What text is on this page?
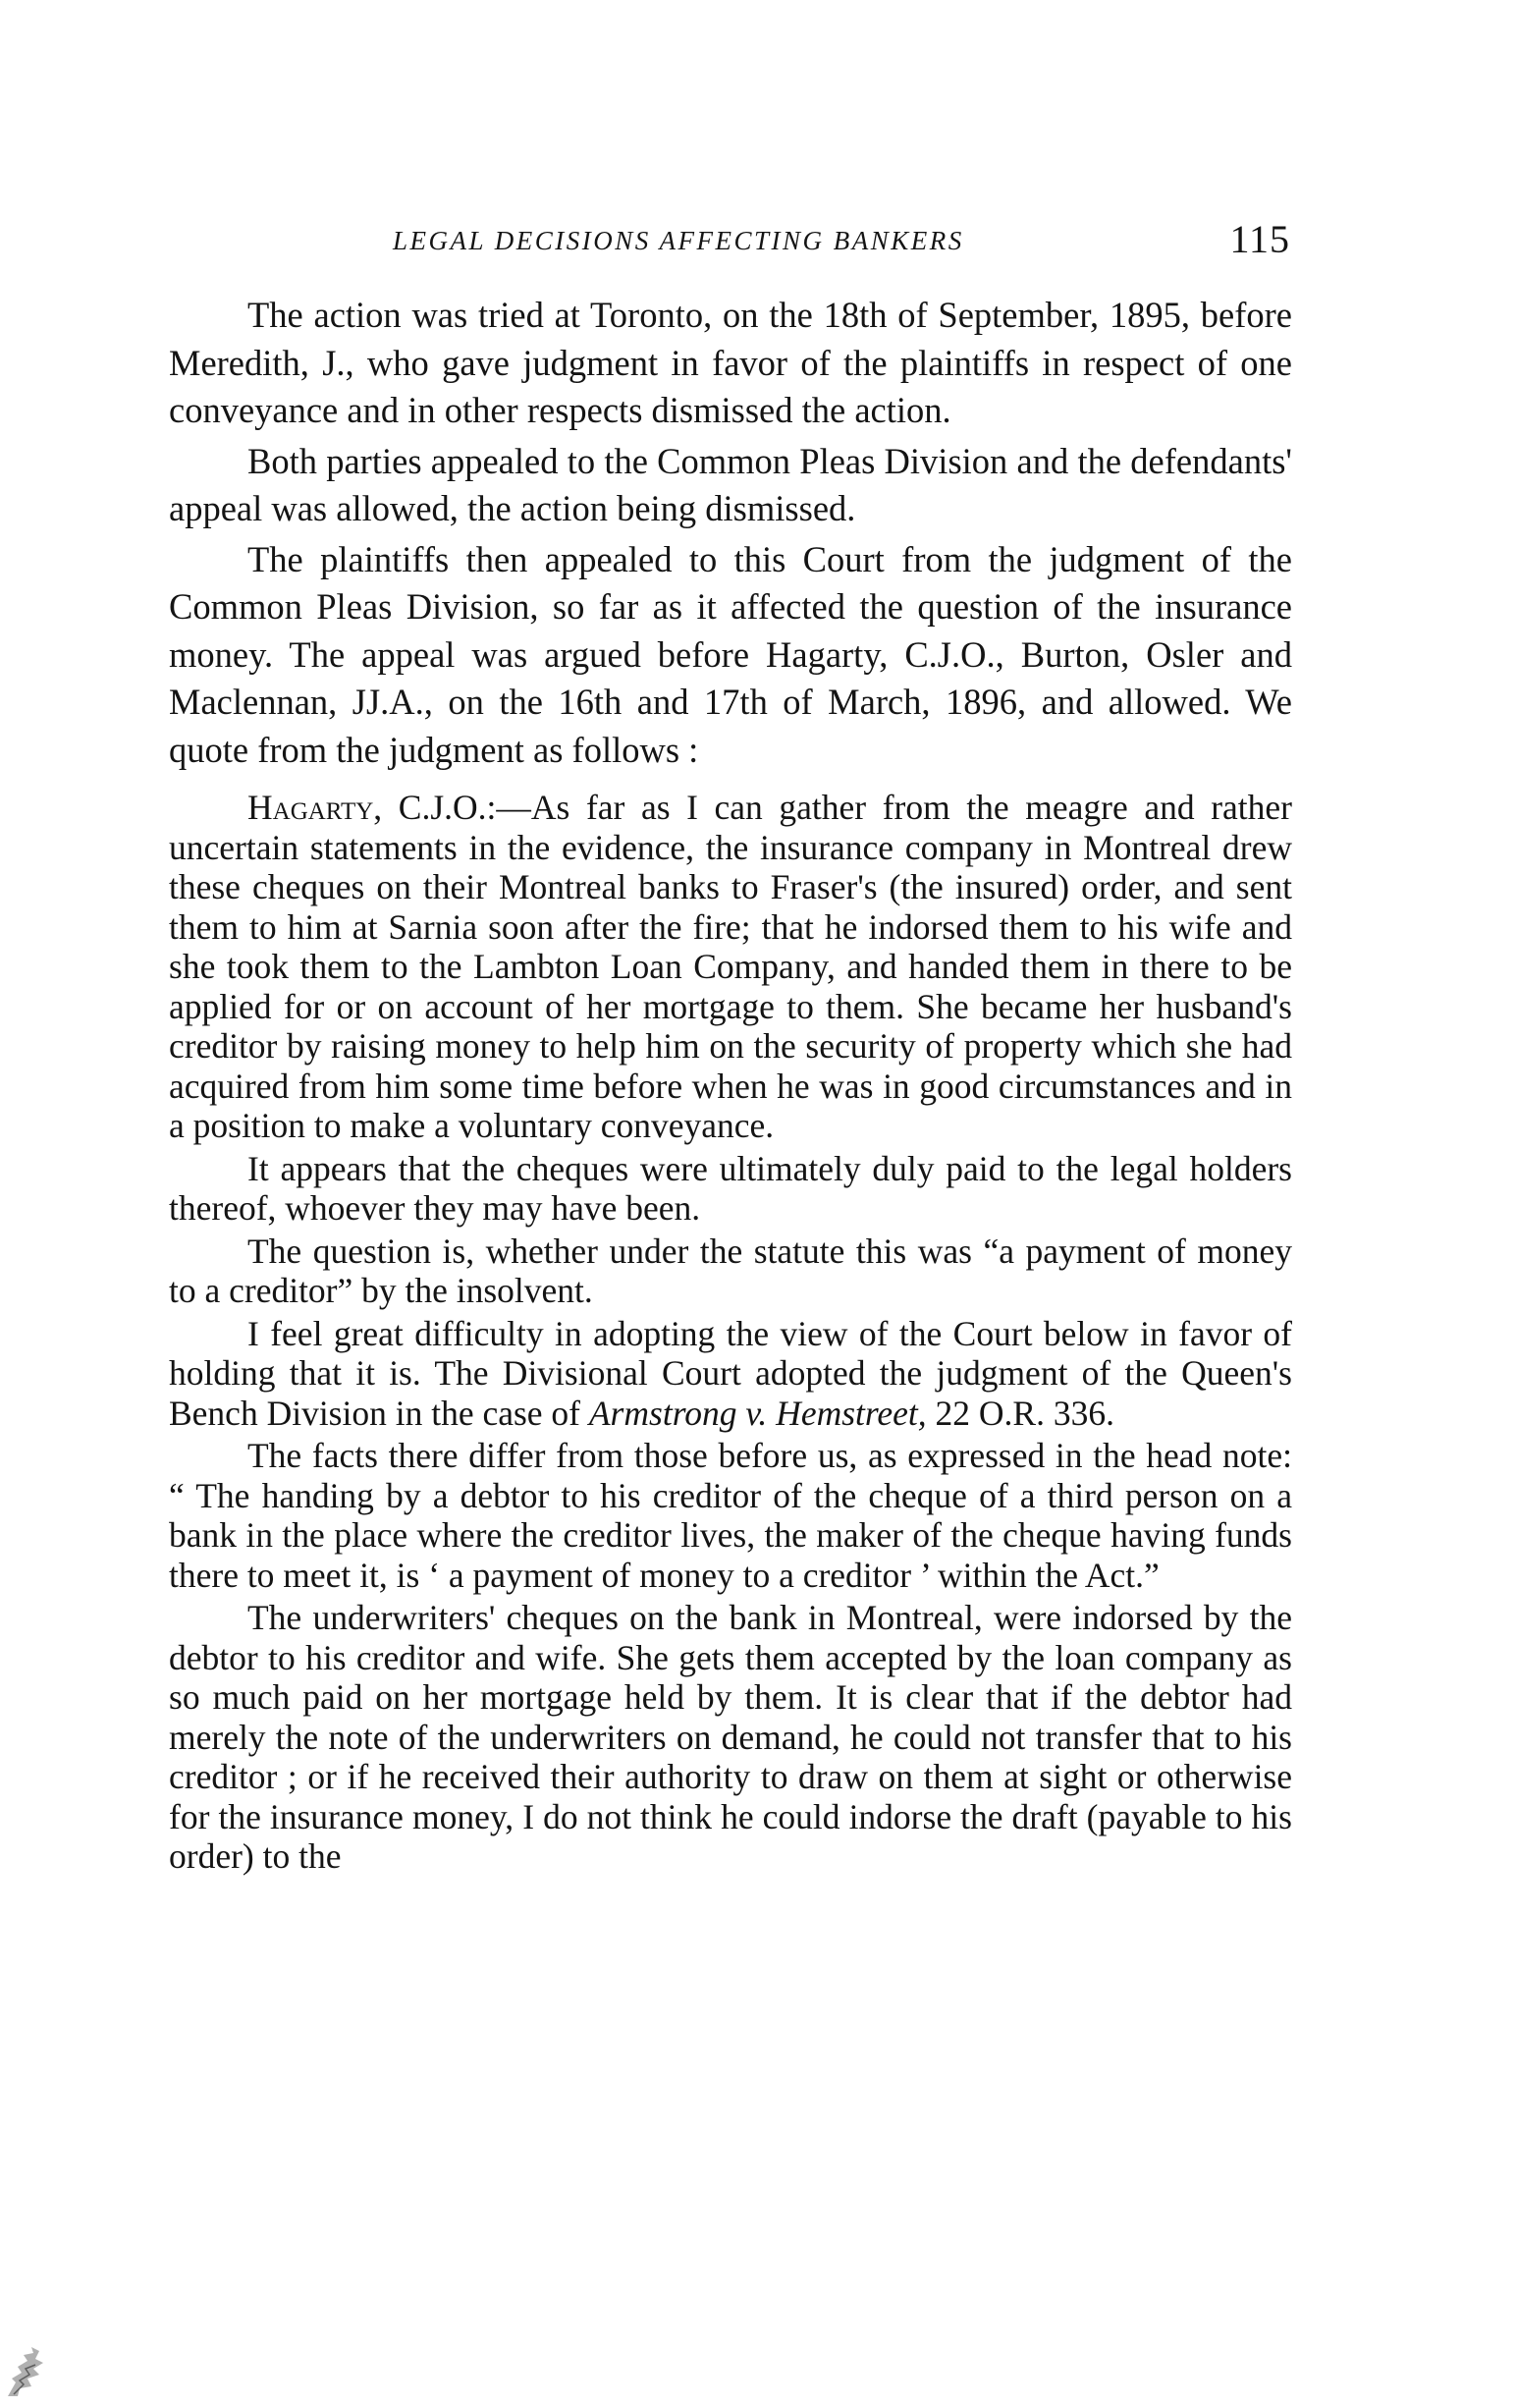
LEGAL DECISIONS AFFECTING BANKERS	115

The action was tried at Toronto, on the 18th of September, 1895, before Meredith, J., who gave judgment in favor of the plaintiffs in respect of one conveyance and in other respects dismissed the action.

Both parties appealed to the Common Pleas Division and the defendants' appeal was allowed, the action being dismissed.

The plaintiffs then appealed to this Court from the judgment of the Common Pleas Division, so far as it affected the question of the insurance money. The appeal was argued before Hagarty, C.J.O., Burton, Osler and Maclennan, JJ.A., on the 16th and 17th of March, 1896, and allowed. We quote from the judgment as follows :

Hagarty, C.J.O.:—As far as I can gather from the meagre and rather uncertain statements in the evidence, the insurance company in Montreal drew these cheques on their Montreal banks to Fraser's (the insured) order, and sent them to him at Sarnia soon after the fire; that he indorsed them to his wife and she took them to the Lambton Loan Company, and handed them in there to be applied for or on account of her mortgage to them. She became her husband's creditor by raising money to help him on the security of property which she had acquired from him some time before when he was in good circumstances and in a position to make a voluntary conveyance.

It appears that the cheques were ultimately duly paid to the legal holders thereof, whoever they may have been.

The question is, whether under the statute this was “a payment of money to a creditor” by the insolvent.

I feel great difficulty in adopting the view of the Court below in favor of holding that it is. The Divisional Court adopted the judgment of the Queen's Bench Division in the case of Armstrong v. Hemstreet, 22 O.R. 336.

The facts there differ from those before us, as expressed in the head note: “ The handing by a debtor to his creditor of the cheque of a third person on a bank in the place where the creditor lives, the maker of the cheque having funds there to meet it, is ‘ a payment of money to a creditor ’ within the Act.”

The underwriters' cheques on the bank in Montreal, were indorsed by the debtor to his creditor and wife. She gets them accepted by the loan company as so much paid on her mortgage held by them. It is clear that if the debtor had merely the note of the underwriters on demand, he could not transfer that to his creditor ; or if he received their authority to draw on them at sight or otherwise for the insurance money, I do not think he could indorse the draft (payable to his order) to the
